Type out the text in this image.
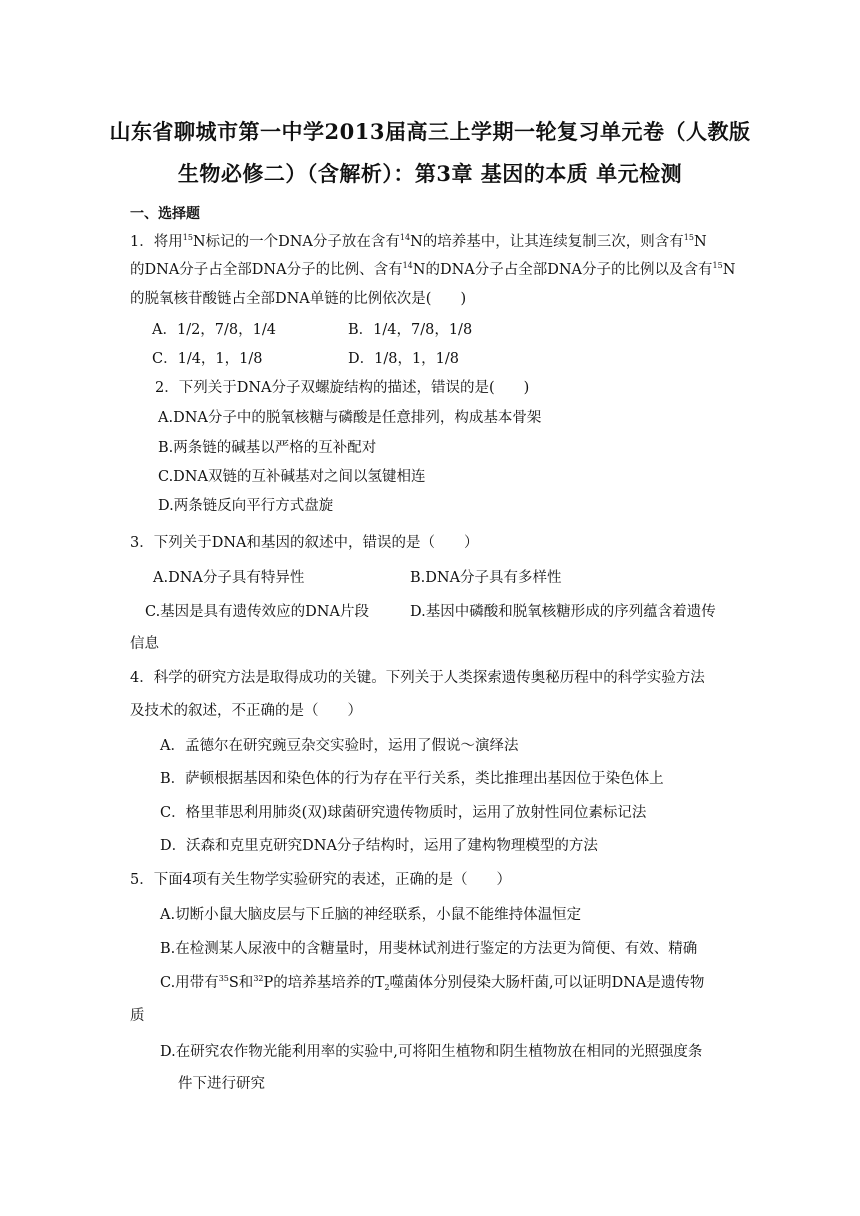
山东省聊城市第一中学2013届高三上学期一轮复习单元卷（人教版
生物必修二）（含解析）：第3章 基因的本质 单元检测
一、选择题
1．将用$^{15}$N标记的一个DNA分子放在含有$^{14}$N的培养基中，让其连续复制三次，则含有$^{15}$N
的DNA分子占全部DNA分子的比例、含有$^{14}$N的DNA分子占全部DNA分子的比例以及含有$^{15}$N
的脱氧核苷酸链占全部DNA单链的比例依次是(　　)
A．1/2，7/8，1/4	B．1/4，7/8，1/8
C．1/4，1，1/8	D．1/8，1，1/8
2．下列关于DNA分子双螺旋结构的描述，错误的是(　　)
A.DNA分子中的脱氧核糖与磷酸是任意排列，构成基本骨架
B.两条链的碱基以严格的互补配对
C.DNA双链的互补碱基对之间以氢键相连
D.两条链反向平行方式盘旋
3．下列关于DNA和基因的叙述中，错误的是（　　）
A.DNA分子具有特异性	B.DNA分子具有多样性
C.基因是具有遗传效应的DNA片段	D.基因中磷酸和脱氧核糖形成的序列蕴含着遗传
信息
4．科学的研究方法是取得成功的关键。下列关于人类探索遗传奥秘历程中的科学实验方法
及技术的叙述，不正确的是（　　）
A．孟德尔在研究豌豆杂交实验时，运用了假说～演绎法
B．萨顿根据基因和染色体的行为存在平行关系，类比推理出基因位于染色体上
C．格里菲思利用肺炎(双)球菌研究遗传物质时，运用了放射性同位素标记法
D．沃森和克里克研究DNA分子结构时，运用了建构物理模型的方法
5．下面4项有关生物学实验研究的表述，正确的是（　　）
A.切断小鼠大脑皮层与下丘脑的神经联系，小鼠不能维持体温恒定
B.在检测某人尿液中的含糖量时，用斐林试剂进行鉴定的方法更为简便、有效、精确
C.用带有$^{35}$S和$^{32}$P的培养基培养的$T_2$噬菌体分别侵染大肠杆菌,可以证明DNA是遗传物
质
D.在研究农作物光能利用率的实验中,可将阳生植物和阴生植物放在相同的光照强度条
件下进行研究
